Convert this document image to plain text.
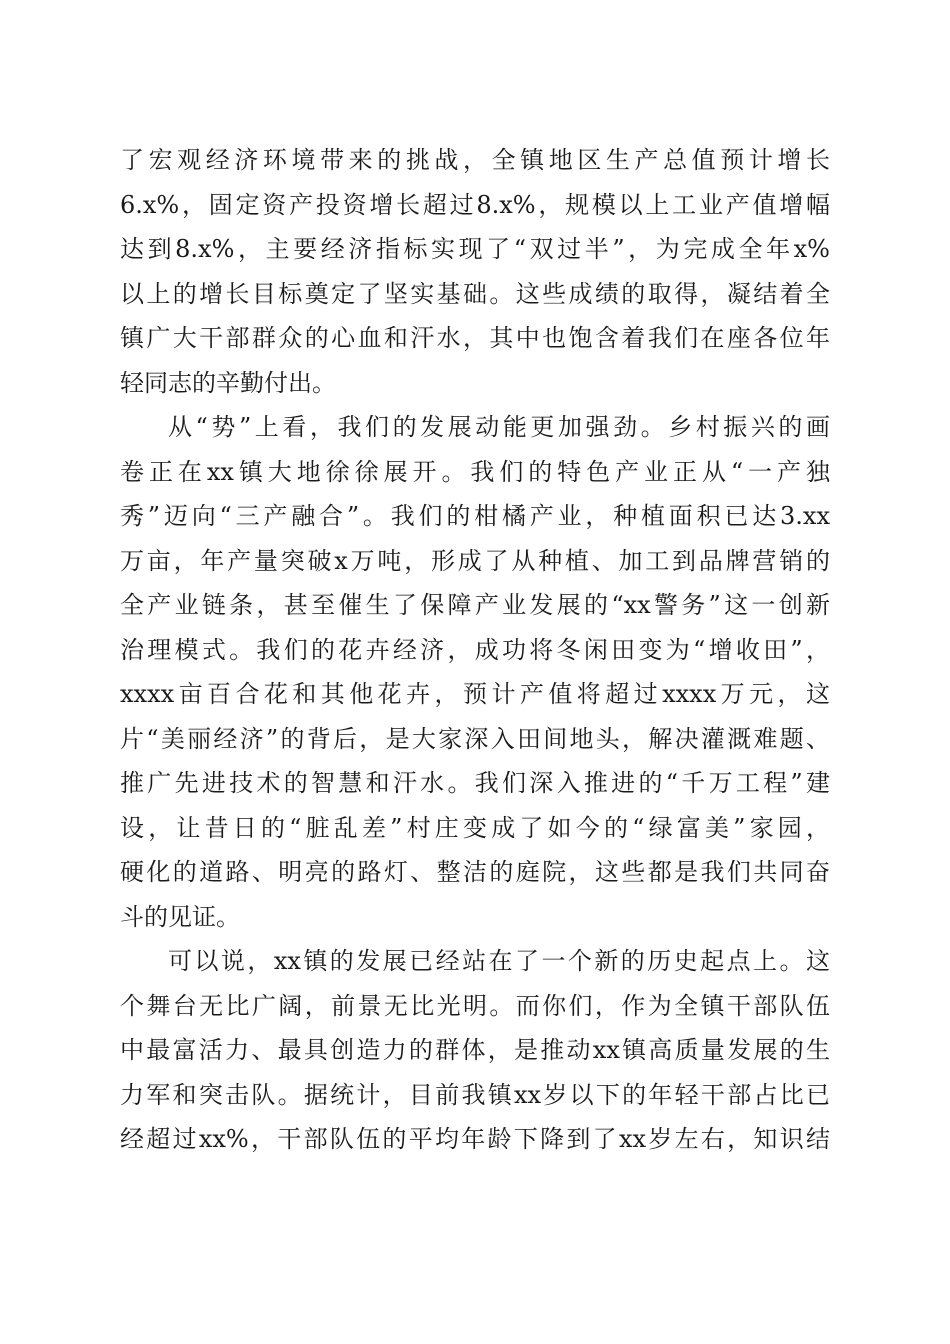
了宏观经济环境带来的挑战，全镇地区生产总值预计增长
6.x%，固定资产投资增长超过8.x%，规模以上工业产值增幅
达到8.x%，主要经济指标实现了“双过半”，为完成全年x%
以上的增长目标奠定了坚实基础。这些成绩的取得，凝结着全
镇广大干部群众的心血和汗水，其中也饱含着我们在座各位年
轻同志的辛勤付出。
从“势”上看，我们的发展动能更加强劲。乡村振兴的画
卷正在xx镇大地徐徐展开。我们的特色产业正从“一产独
秀”迈向“三产融合”。我们的柑橘产业，种植面积已达3.xx
万亩，年产量突破x万吨，形成了从种植、加工到品牌营销的
全产业链条，甚至催生了保障产业发展的“xx警务”这一创新
治理模式。我们的花卉经济，成功将冬闲田变为“增收田”，
xxxx亩百合花和其他花卉，预计产值将超过xxxx万元，这
片“美丽经济”的背后，是大家深入田间地头，解决灌溉难题、
推广先进技术的智慧和汗水。我们深入推进的“千万工程”建
设，让昔日的“脏乱差”村庄变成了如今的“绿富美”家园，
硬化的道路、明亮的路灯、整洁的庭院，这些都是我们共同奋
斗的见证。
可以说，xx镇的发展已经站在了一个新的历史起点上。这
个舞台无比广阔，前景无比光明。而你们，作为全镇干部队伍
中最富活力、最具创造力的群体，是推动xx镇高质量发展的生
力军和突击队。据统计，目前我镇xx岁以下的年轻干部占比已
经超过xx%，干部队伍的平均年龄下降到了xx岁左右，知识结
